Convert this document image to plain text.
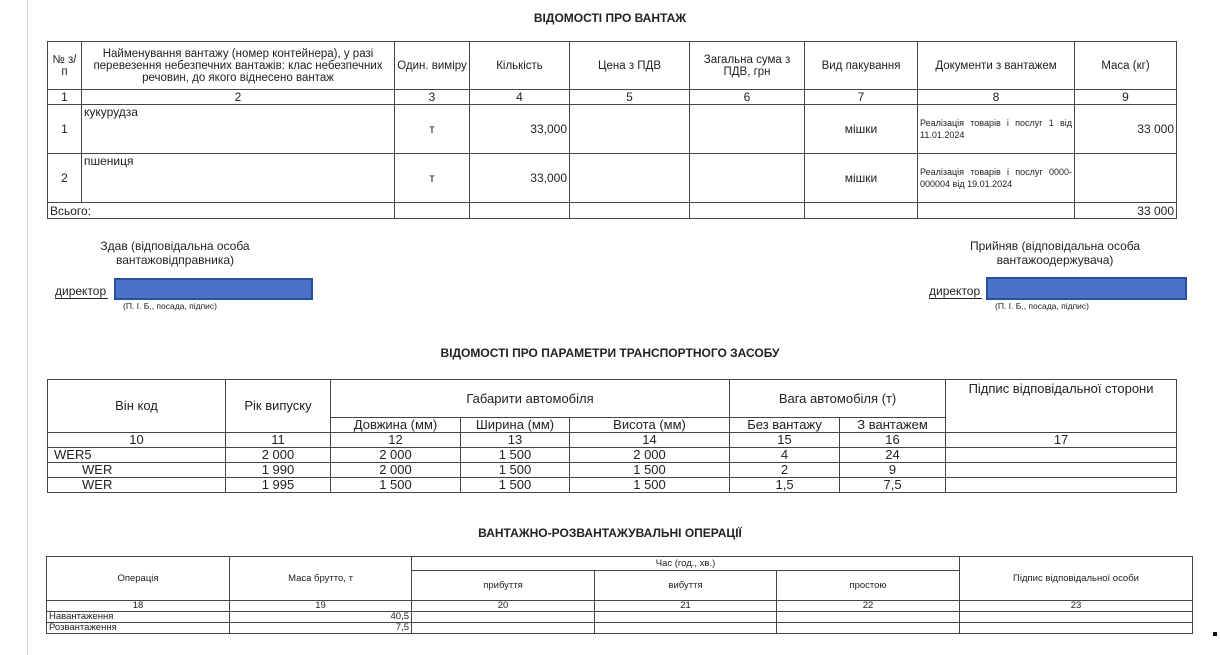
ВІДОМОСТІ ПРО ВАНТАЖ
№ з/п	Найменування вантажу (номер контейнера), у разі перевезення небезпечних вантажів: клас небезпечних речовин, до якого віднесено вантаж	Один. виміру	Кількість	Цена з ПДВ	Загальна сума з ПДВ, грн	Вид пакування	Документи з вантажем	Маса (кг)
1	2	3	4	5	6	7	8	9
1	кукурудза	т	33,000			мішки	Реалізація товарів і послуг 1 від 11.01.2024	33 000
2	пшениця	т	33,000			мішки	Реалізація товарів і послуг 0000-000004 від 19.01.2024	
Всього:								33 000
Здав (відповідальна особа вантажовідправника)
директор
(П. І. Б., посада, підпис)
Прийняв (відповідальна особа вантажоодержувача)
директор
(П. І. Б., посада, підпис)
ВІДОМОСТІ ПРО ПАРАМЕТРИ ТРАНСПОРТНОГО ЗАСОБУ
Він код	Рік випуску	Габарити автомобіля			Вага автомобіля (т)		Підпис відповідальної сторони
		Довжина (мм)	Ширина (мм)	Висота (мм)	Без вантажу	З вантажем	
10	11	12	13	14	15	16	17
WER5	2 000	2 000	1 500	2 000	4	24	
WER	1 990	2 000	1 500	1 500	2	9	
WER	1 995	1 500	1 500	1 500	1,5	7,5	
ВАНТАЖНО-РОЗВАНТАЖУВАЛЬНІ ОПЕРАЦІЇ
Операція	Маса брутто, т	Час (год., хв.)			Підпис відповідальної особи
		прибуття	вибуття	простою	
18	19	20	21	22	23
Навантаження	40,5				
Розвантаження	7,5				
